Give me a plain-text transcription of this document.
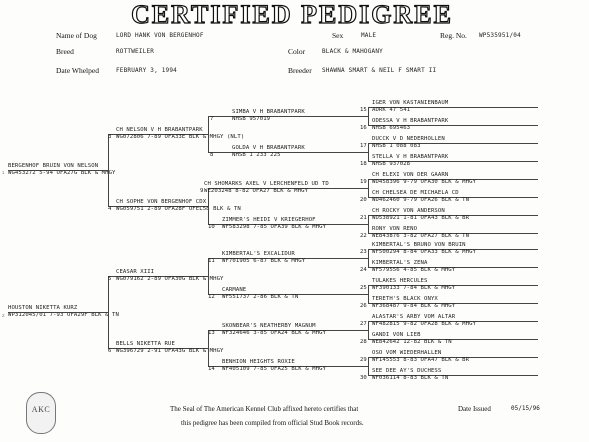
CERTIFIED PEDIGREE
Name of Dog	LORD HANK VON BERGENHOF	Sex	MALE	Reg. No. WP535951/04
Breed	ROTTWEILER	Color	BLACK & MAHOGANY
Date Whelped	FEBRUARY 3, 1994	Breeder SHAWNA SMART & NEIL F SMART II
1
2
BERGENHOF BRUIN VON NELSON
WG453272 5-94 OFA27G BLK & MHGY
HOUSTON NIKETTA KURZ
WP312045/01 7-93 OFA29F BLK & TN
CH NELSON V H BRABANTPARK
WG072806 7-89 OFA33E BLK & MHGY (NLT)
3
CH SOPHE VON BERGENHOF CDX
WG059751 2-89 OFA28F OFEL58 BLK & TN
4
CEASAR XIII
WG079162 2-89 OFA30G BLK & MHGY
5
BELLS NIKETTA RUE
WG396729 2-91 OFA43G BLK & MHGY
6
SIMBA V H BRABANTPARK
NHSB 957019
7
GOLDA V H BRABANTPARK
NHSB 1 233 225
8
CH SHOMARKS AXEL V LERCHENFELD UD TD
WE203248 8-82 OFA27 BLK & MHGY
9
ZIMMER'S HEIDI V KRIEGERHOF
WF583298 7-85 OFA39 BLK & MHGY
10
KIMBERTAL'S EXCALIDUR
WF701905 6-87 BLK & MHGY
11
CARMANE
WF551737 2-86 BLK & TN
12
SKONBEAR'S NEATHERBY MAGNUM
WF324646 3-85 OFA24 BLK & MHGY
13
BENHION HEIGHTS ROXIE
WF405109 7-85 OFA25 BLK & MHGY
14
IGER VON KASTANIENBAUM
ADRK 47 541
15
ODESSA V H BRABANTPARK
NHSB 695463
16
DUCCK V D NEDERHOLLEN
NHSB 1 088 083
17
STELLA V H BRABANTPARK
NHSB 937028
18
CH ELEXI VON DER GAARN
WD458396 9-79 OFA30 BLK & MHGY
19
CH CHELSEA DE MICHAELA CD
WD462460 9-79 OFA26 BLK & TN
20
CH ROCKY VON ANDERSON
WD538921 1-81 OFA43 BLK & BR
21
RONY VON RENO
WE843876 3-82 OFA27 BLK & TN
22
KIMBERTAL'S BRUNO VON BRUIN
WF500294 8-84 OFA33 BLK & MHGY
23
KIMBERTAL'S ZENA
WF579556 4-85 BLK & MHGY
24
TULAKES HERCULES
WF390133 7-84 BLK & MHGY
25
TERETH'S BLACK ONYX
WF368487 9-84 BLK & MHGY
26
ALASTAR'S ARBY VOM ALTAR
WF482815 9-82 OFA28 BLK & MHGY
27
GANDI VON LIEB
WE842642 12-82 BLK & TN
28
OSO VOM WIEDERHALLEN
WF145553 8-83 OFA47 BLK & BR
29
SEE DEE AY'S DUCHESS
WF036114 8-83 BLK & TN
30
AKC	The Seal of The American Kennel Club affixed hereto certifies that
this pedigree has been compiled from official Stud Book records.
Date Issued	05/15/96
